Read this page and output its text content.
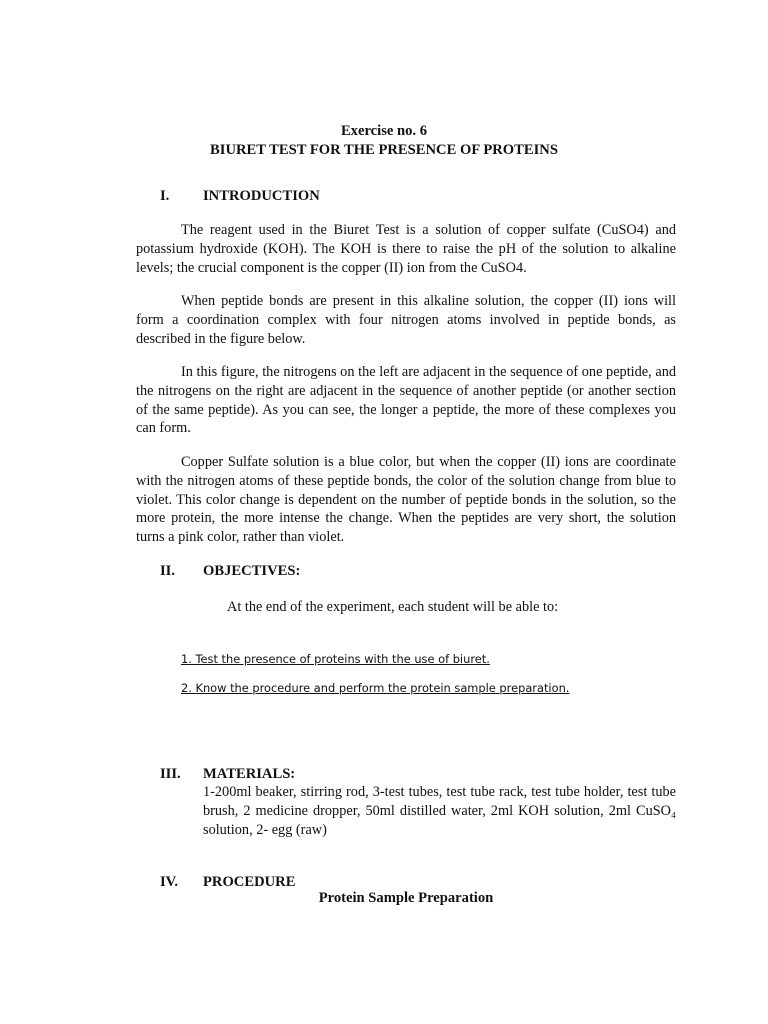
Exercise no. 6
BIURET TEST FOR THE PRESENCE OF PROTEINS
I. INTRODUCTION

The reagent used in the Biuret Test is a solution of copper sulfate (CuSO4) and potassium hydroxide (KOH). The KOH is there to raise the pH of the solution to alkaline levels; the crucial component is the copper (II) ion from the CuSO4.

When peptide bonds are present in this alkaline solution, the copper (II) ions will form a coordination complex with four nitrogen atoms involved in peptide bonds, as described in the figure below.

In this figure, the nitrogens on the left are adjacent in the sequence of one peptide, and the nitrogens on the right are adjacent in the sequence of another peptide (or another section of the same peptide). As you can see, the longer a peptide, the more of these complexes you can form.

Copper Sulfate solution is a blue color, but when the copper (II) ions are coordinate with the nitrogen atoms of these peptide bonds, the color of the solution change from blue to violet. This color change is dependent on the number of peptide bonds in the solution, so the more protein, the more intense the change. When the peptides are very short, the solution turns a pink color, rather than violet.

II. OBJECTIVES:
At the end of the experiment, each student will be able to:
1. Test the presence of proteins with the use of biuret.
2. Know the procedure and perform the protein sample preparation.
III. MATERIALS:
1-200ml beaker, stirring rod, 3-test tubes, test tube rack, test tube holder, test tube brush, 2 medicine dropper, 50ml distilled water, 2ml KOH solution, 2ml CuSO₄ solution, 2- egg (raw)
IV. PROCEDURE
Protein Sample Preparation
